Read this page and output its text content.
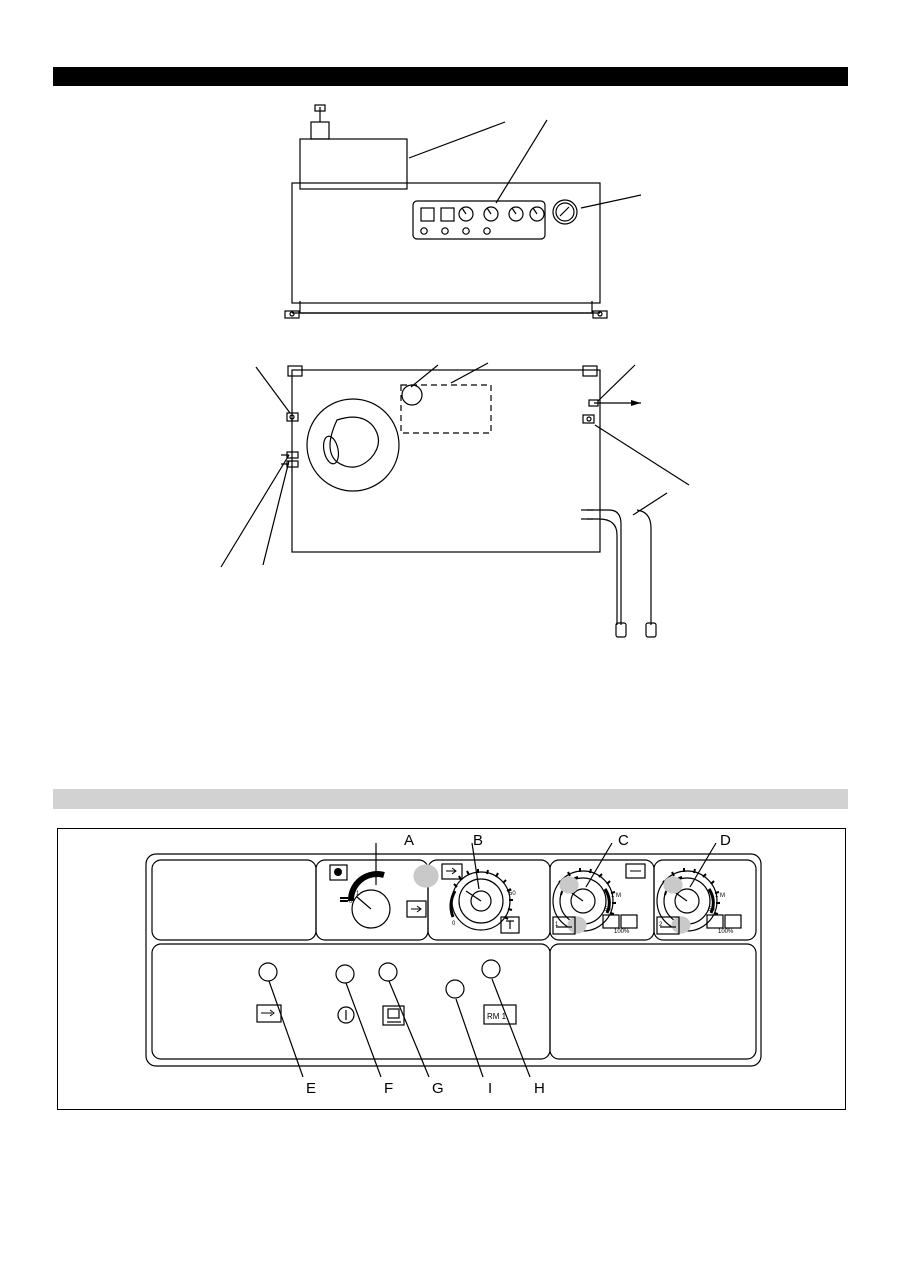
1
0
0
50
50
1 M
1
100%
50
1 M
2
100%
RM 1
A	B	C	D
E	F	G	I	H
